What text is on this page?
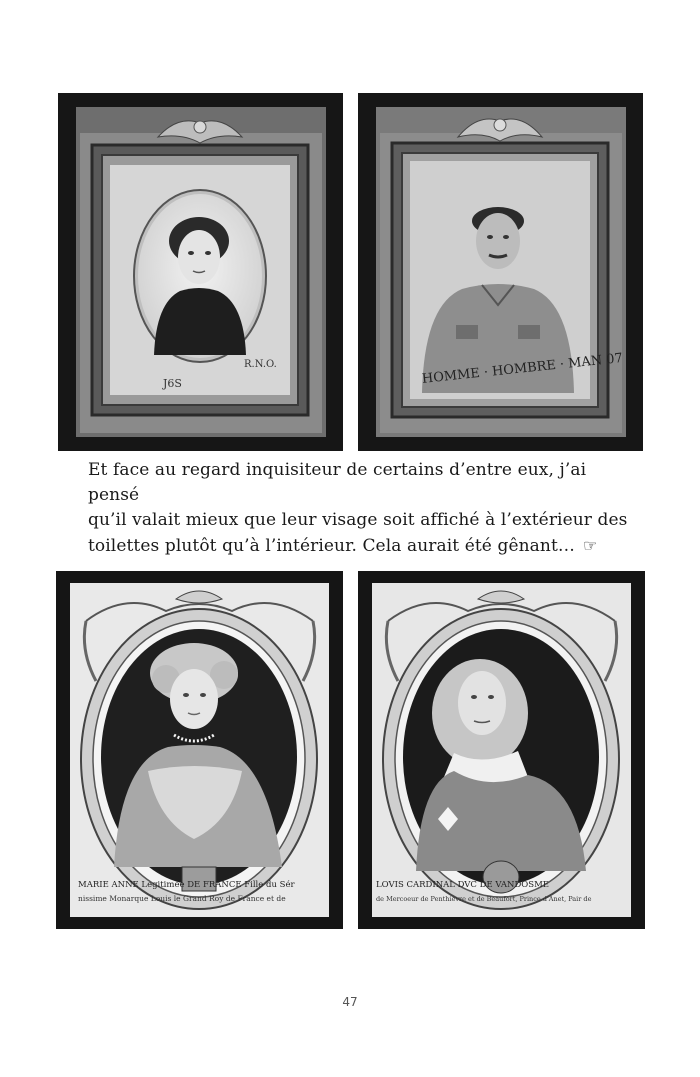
J6S
R.N.O.	HOMME · HOMBRE · MAN 07

Et face au regard inquisiteur de certains d’entre eux, j’ai pensé

qu’il valait mieux que leur visage soit affiché à l’extérieur des

toilettes plutôt qu’à l’intérieur. Cela aurait été gênant… ☞

MARIE ANNE Legitimée DE FRANCE Fille du Sér
nissime Monarque Louis le Grand Roy de France et de
LOVIS CARDINAL DVC DE VANDOSME
de Mercoeur de Penthievre et de Beaufort, Prince d'Anet, Pair de
47
